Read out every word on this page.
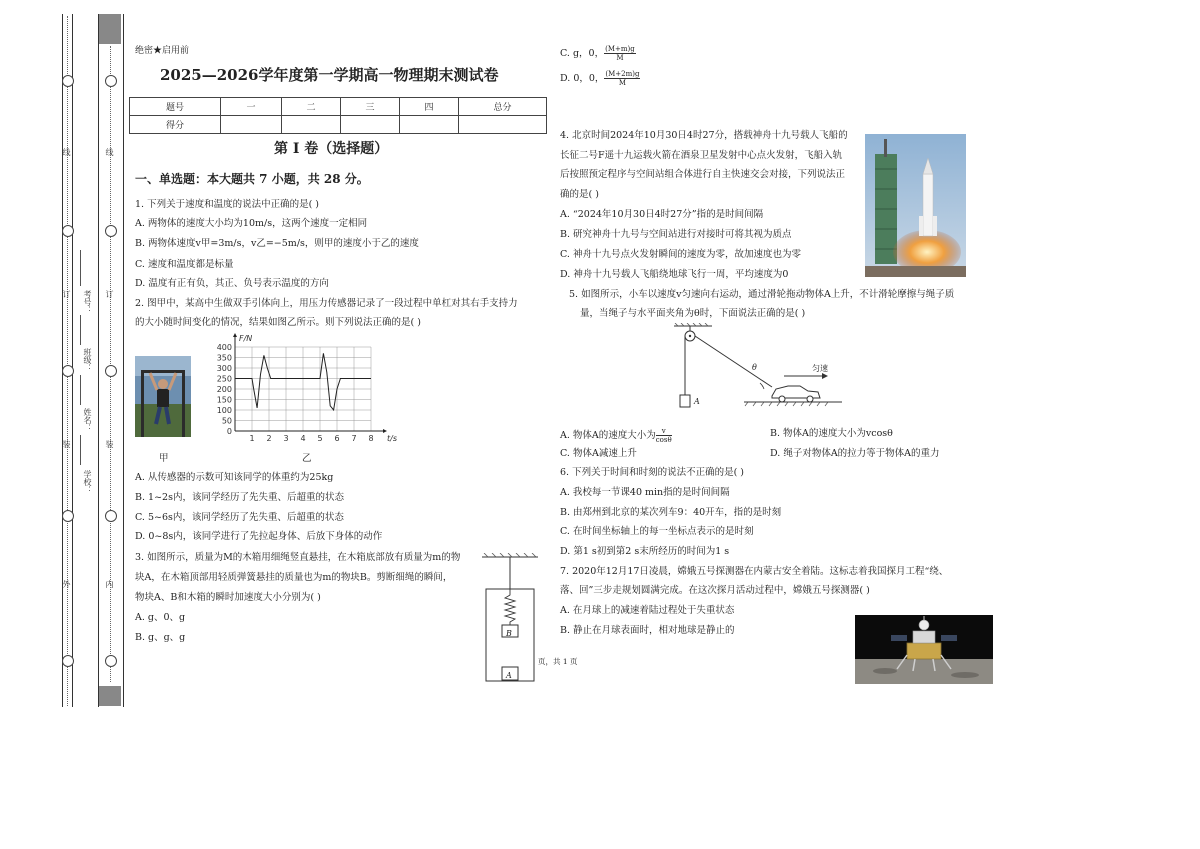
外
装
订
线
内
装
订
线
学校：
姓名：
班级：
考号：
绝密★启用前
2025—2026学年度第一学期高一物理期末测试卷
题号	一	二	三	四	总分
得分					
第 I 卷（选择题）
一、单选题：本大题共 7 小题，共 28 分。
1. 下列关于速度和温度的说法中正确的是( )
A. 两物体的速度大小均为10m/s，这两个速度一定相同
B. 两物体速度v甲=3m/s，v乙=−5m/s，则甲的速度小于乙的速度
C. 速度和温度都是标量
D. 温度有正有负，其正、负号表示温度的方向
2. 图甲中，某高中生做双手引体向上，用压力传感器记录了一段过程中单杠对其右手支持力
的大小随时间变化的情况，结果如图乙所示。则下列说法正确的是( )
甲
400
350
300
250
200
150
100
50
0
1 2 3 4 5 6 7 8
F/N
t/s
乙
A. 从传感器的示数可知该同学的体重约为25kg
B. 1~2s内，该同学经历了先失重、后超重的状态
C. 5~6s内，该同学经历了先失重、后超重的状态
D. 0~8s内，该同学进行了先拉起身体、后放下身体的动作
3. 如图所示，质量为M的木箱用细绳竖直悬挂，在木箱底部放有质量为m的物
块A，在木箱顶部用轻质弹簧悬挂的质量也为m的物块B。剪断细绳的瞬间，
物块A、B和木箱的瞬时加速度大小分别为( )
A. g、0、g
B. g、g、g	B
A
页，共 1 页
C. g，0， $\frac{(M+m)g}{M}$
D. 0，0， $\frac{(M+2m)g}{M}$
4. 北京时间2024年10月30日4时27分，搭载神舟十九号载人飞船的
长征二号F遥十九运载火箭在酒泉卫星发射中心点火发射，飞船入轨
后按照预定程序与空间站组合体进行自主快速交会对接，下列说法正
确的是( )
A. “2024年10月30日4时27分”指的是时间间隔
B. 研究神舟十九号与空间站进行对接时可将其视为质点
C. 神舟十九号点火发射瞬间的速度为零，故加速度也为零
D. 神舟十九号载人飞船绕地球飞行一周，平均速度为0
5. 如图所示，小车以速度v匀速向右运动，通过滑轮拖动物体A上升，不计滑轮摩擦与绳子质
量，当绳子与水平面夹角为θ时，下面说法正确的是( )
θ	匀速
A
A. 物体A的速度大小为 $\frac{v}{\cos\theta}$	B. 物体A的速度大小为vcosθ
C. 物体A减速上升	D. 绳子对物体A的拉力等于物体A的重力
6. 下列关于时间和时刻的说法不正确的是( )
A. 我校每一节课40 min指的是时间间隔
B. 由郑州到北京的某次列车9：40开车，指的是时刻
C. 在时间坐标轴上的每一坐标点表示的是时刻
D. 第1 s初到第2 s末所经历的时间为1 s
7. 2020年12月17日凌晨，嫦娥五号探测器在内蒙古安全着陆。这标志着我国探月工程“绕、
落、回”三步走规划圆满完成。在这次探月活动过程中，嫦娥五号探测器( )
A. 在月球上的减速着陆过程处于失重状态
B. 静止在月球表面时，相对地球是静止的
